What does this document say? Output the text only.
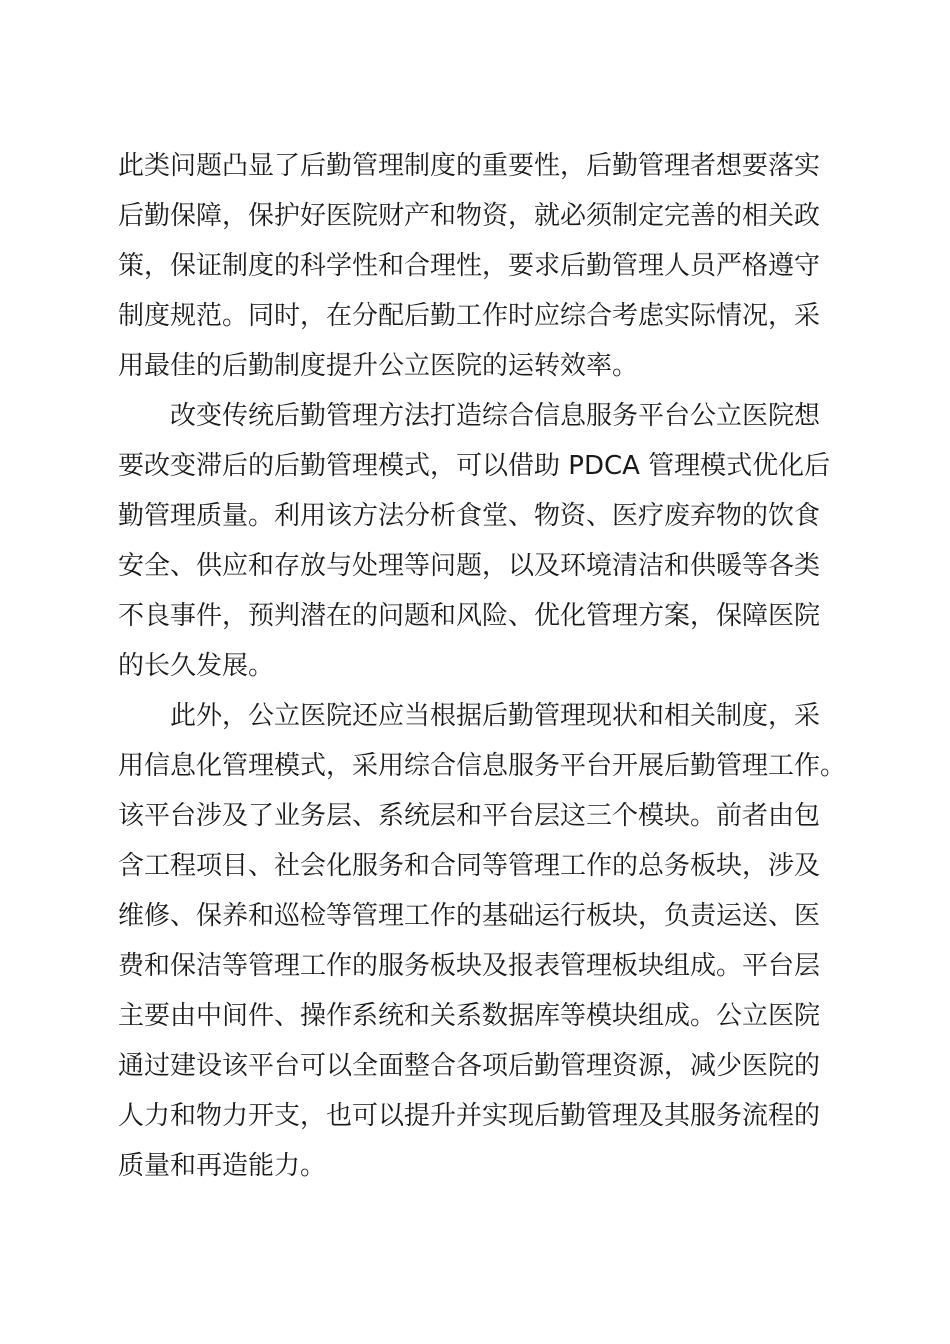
此类问题凸显了后勤管理制度的重要性，后勤管理者想要落实
后勤保障，保护好医院财产和物资，就必须制定完善的相关政
策，保证制度的科学性和合理性，要求后勤管理人员严格遵守
制度规范。同时，在分配后勤工作时应综合考虑实际情况，采
用最佳的后勤制度提升公立医院的运转效率。
改变传统后勤管理方法打造综合信息服务平台公立医院想
要改变滞后的后勤管理模式，可以借助 PDCA 管理模式优化后
勤管理质量。利用该方法分析食堂、物资、医疗废弃物的饮食
安全、供应和存放与处理等问题，以及环境清洁和供暖等各类
不良事件，预判潜在的问题和风险、优化管理方案，保障医院
的长久发展。
此外，公立医院还应当根据后勤管理现状和相关制度，采
用信息化管理模式，采用综合信息服务平台开展后勤管理工作。
该平台涉及了业务层、系统层和平台层这三个模块。前者由包
含工程项目、社会化服务和合同等管理工作的总务板块，涉及
维修、保养和巡检等管理工作的基础运行板块，负责运送、医
费和保洁等管理工作的服务板块及报表管理板块组成。平台层
主要由中间件、操作系统和关系数据库等模块组成。公立医院
通过建设该平台可以全面整合各项后勤管理资源，减少医院的
人力和物力开支，也可以提升并实现后勤管理及其服务流程的
质量和再造能力。
